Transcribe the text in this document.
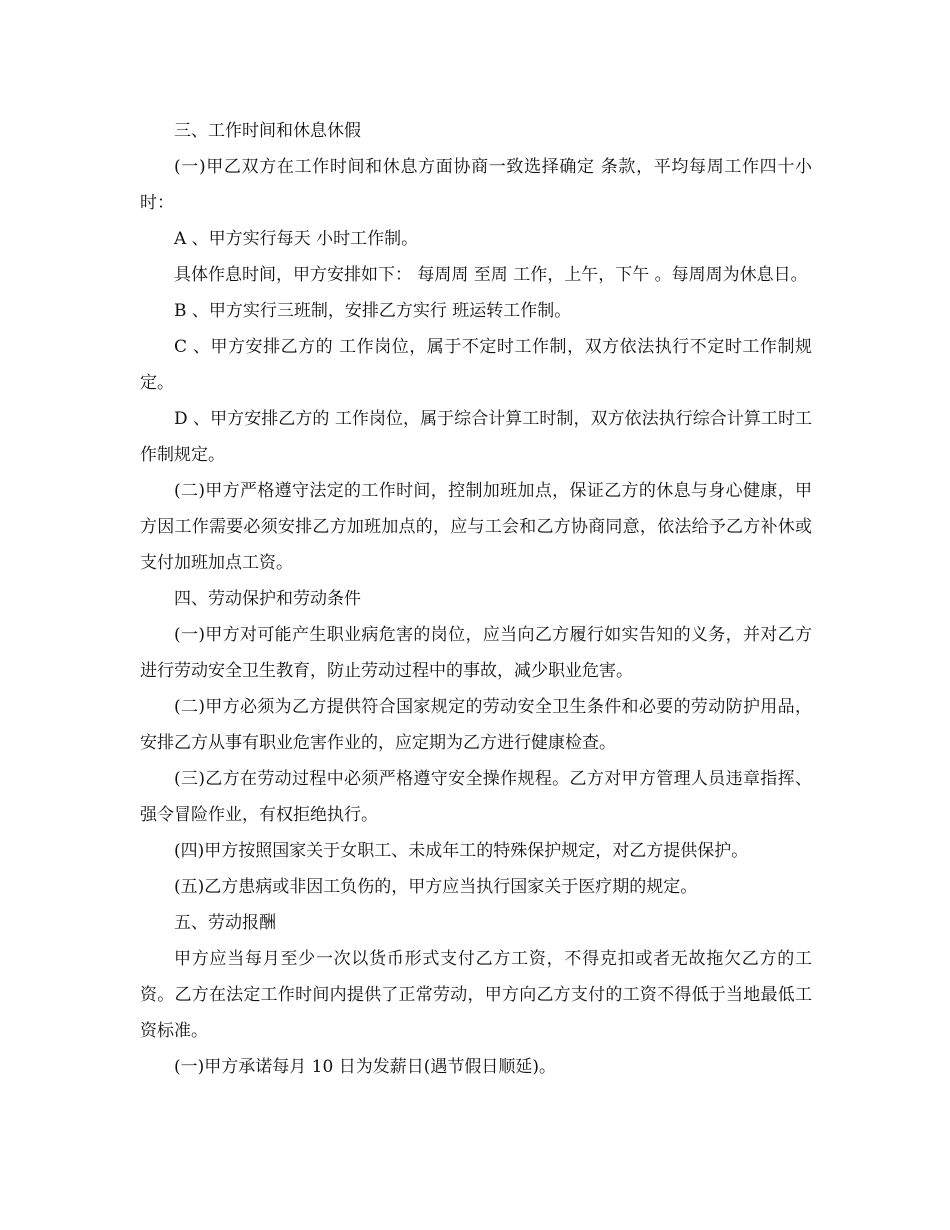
三、工作时间和休息休假

(一)甲乙双方在工作时间和休息方面协商一致选择确定 条款，平均每周工作四十小时：

A 、甲方实行每天 小时工作制。

具体作息时间，甲方安排如下： 每周周 至周 工作，上午，下午 。每周周为休息日。

B 、甲方实行三班制，安排乙方实行 班运转工作制。

C 、甲方安排乙方的 工作岗位，属于不定时工作制，双方依法执行不定时工作制规定。

D 、甲方安排乙方的 工作岗位，属于综合计算工时制，双方依法执行综合计算工时工作制规定。

(二)甲方严格遵守法定的工作时间，控制加班加点，保证乙方的休息与身心健康，甲方因工作需要必须安排乙方加班加点的，应与工会和乙方协商同意，依法给予乙方补休或支付加班加点工资。

四、劳动保护和劳动条件

(一)甲方对可能产生职业病危害的岗位，应当向乙方履行如实告知的义务，并对乙方进行劳动安全卫生教育，防止劳动过程中的事故，减少职业危害。

(二)甲方必须为乙方提供符合国家规定的劳动安全卫生条件和必要的劳动防护用品，安排乙方从事有职业危害作业的，应定期为乙方进行健康检查。

(三)乙方在劳动过程中必须严格遵守安全操作规程。乙方对甲方管理人员违章指挥、强令冒险作业，有权拒绝执行。

(四)甲方按照国家关于女职工、未成年工的特殊保护规定，对乙方提供保护。

(五)乙方患病或非因工负伤的，甲方应当执行国家关于医疗期的规定。

五、劳动报酬

甲方应当每月至少一次以货币形式支付乙方工资，不得克扣或者无故拖欠乙方的工资。乙方在法定工作时间内提供了正常劳动，甲方向乙方支付的工资不得低于当地最低工资标准。

(一)甲方承诺每月 10 日为发薪日(遇节假日顺延)。
